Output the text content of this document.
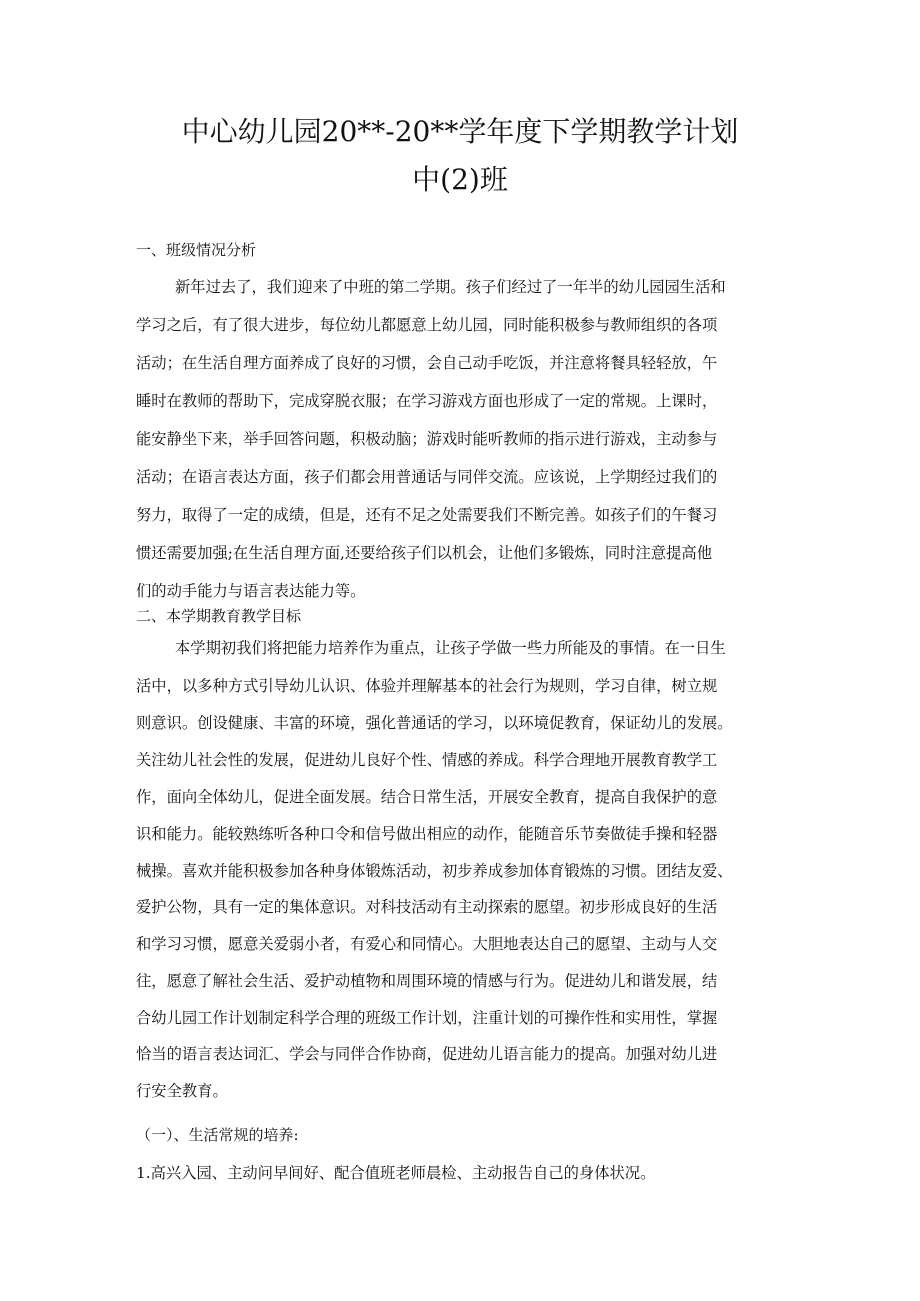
中心幼儿园20**-20**学年度下学期教学计划
中(2)班
一、班级情况分析
新年过去了，我们迎来了中班的第二学期。孩子们经过了一年半的幼儿园园生活和
学习之后，有了很大进步，每位幼儿都愿意上幼儿园，同时能积极参与教师组织的各项
活动；在生活自理方面养成了良好的习惯，会自己动手吃饭，并注意将餐具轻轻放，午
睡时在教师的帮助下，完成穿脱衣服；在学习游戏方面也形成了一定的常规。上课时，
能安静坐下来，举手回答问题，积极动脑；游戏时能听教师的指示进行游戏，主动参与
活动；在语言表达方面，孩子们都会用普通话与同伴交流。应该说，上学期经过我们的
努力，取得了一定的成绩，但是，还有不足之处需要我们不断完善。如孩子们的午餐习
惯还需要加强;在生活自理方面,还要给孩子们以机会，让他们多锻炼，同时注意提高他
们的动手能力与语言表达能力等。
二、本学期教育教学目标
本学期初我们将把能力培养作为重点，让孩子学做一些力所能及的事情。在一日生
活中，以多种方式引导幼儿认识、体验并理解基本的社会行为规则，学习自律，树立规
则意识。创设健康、丰富的环境，强化普通话的学习，以环境促教育，保证幼儿的发展。
关注幼儿社会性的发展，促进幼儿良好个性、情感的养成。科学合理地开展教育教学工
作，面向全体幼儿，促进全面发展。结合日常生活，开展安全教育，提高自我保护的意
识和能力。能较熟练听各种口令和信号做出相应的动作，能随音乐节奏做徒手操和轻器
械操。喜欢并能积极参加各种身体锻炼活动，初步养成参加体育锻炼的习惯。团结友爱、
爱护公物，具有一定的集体意识。对科技活动有主动探索的愿望。初步形成良好的生活
和学习习惯，愿意关爱弱小者，有爱心和同情心。大胆地表达自己的愿望、主动与人交
往，愿意了解社会生活、爱护动植物和周围环境的情感与行为。促进幼儿和谐发展，结
合幼儿园工作计划制定科学合理的班级工作计划，注重计划的可操作性和实用性，掌握
恰当的语言表达词汇、学会与同伴合作协商，促进幼儿语言能力的提高。加强对幼儿进
行安全教育。
（一）、生活常规的培养:
1.高兴入园、主动问早间好、配合值班老师晨检、主动报告自己的身体状况。
